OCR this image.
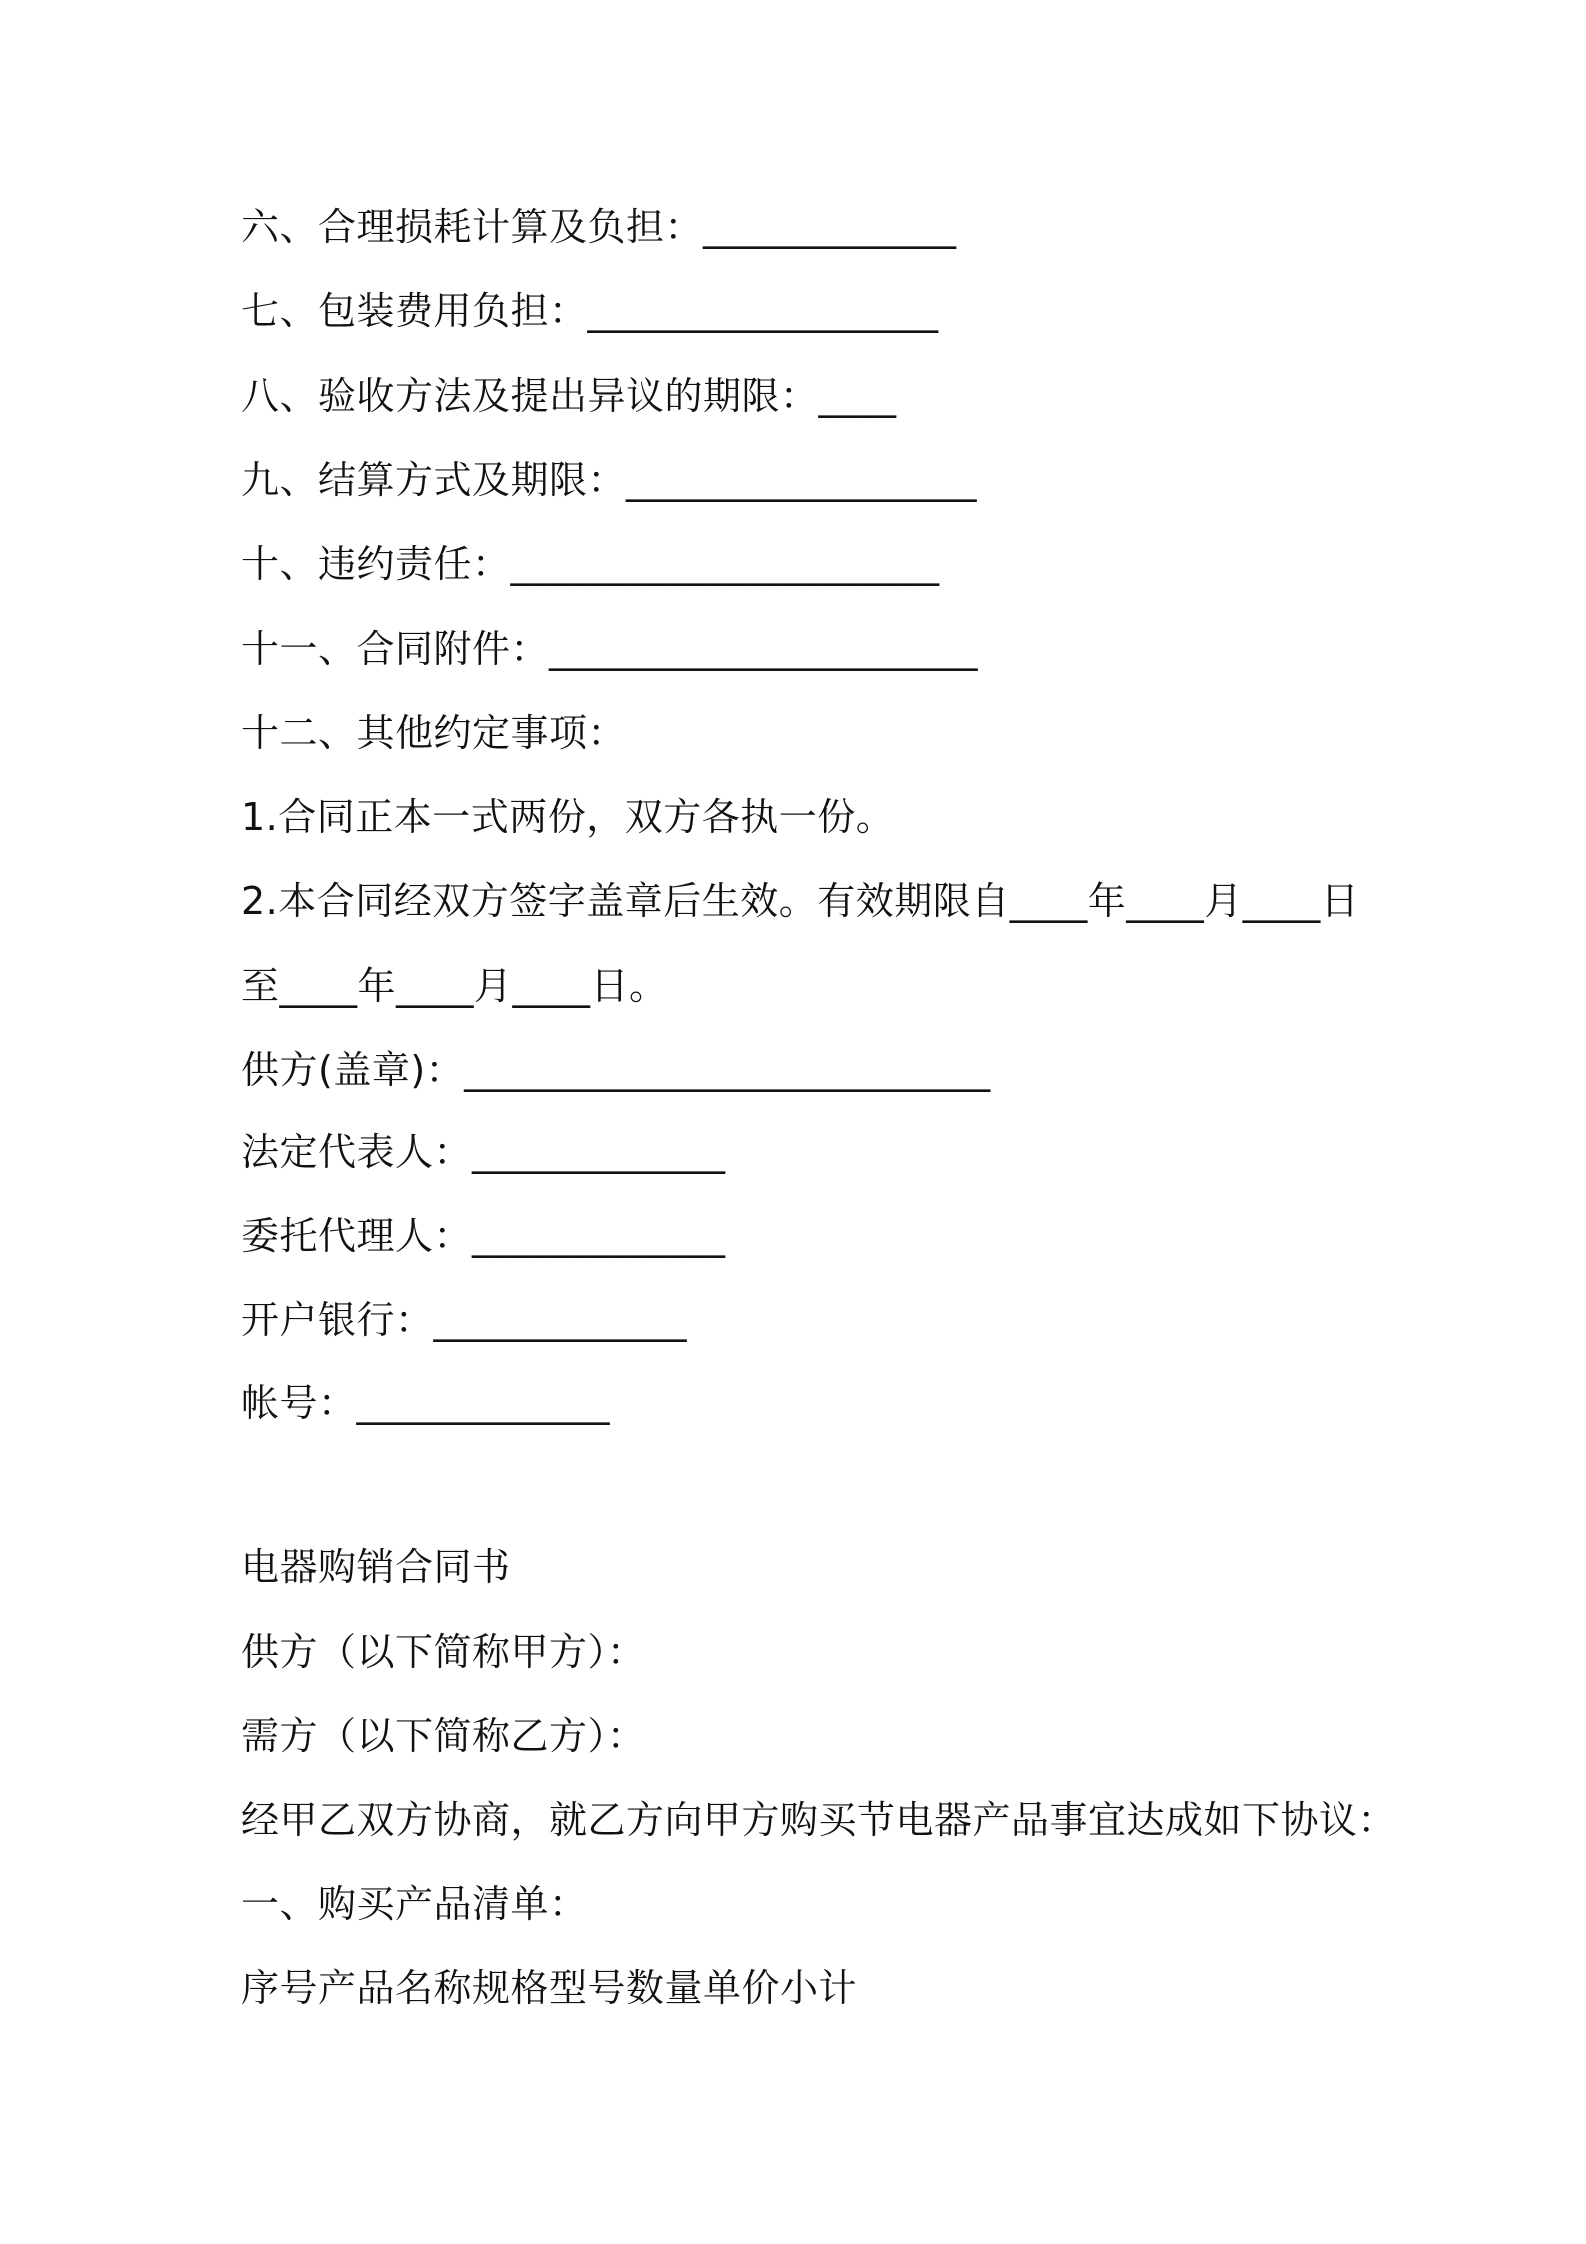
六、合理损耗计算及负担：_____________
七、包装费用负担：__________________
八、验收方法及提出异议的期限：____
九、结算方式及期限：__________________
十、违约责任：______________________
十一、合同附件：______________________
十二、其他约定事项：
1.合同正本一式两份，双方各执一份。
2.本合同经双方签字盖章后生效。有效期限自____年____月____日
至____年____月____日。
供方(盖章)：___________________________
法定代表人：_____________
委托代理人：_____________
开户银行：_____________
帐号：_____________
电器购销合同书
供方（以下简称甲方）：
需方（以下简称乙方）：
经甲乙双方协商，就乙方向甲方购买节电器产品事宜达成如下协议：
一、购买产品清单：
序号产品名称规格型号数量单价小计
